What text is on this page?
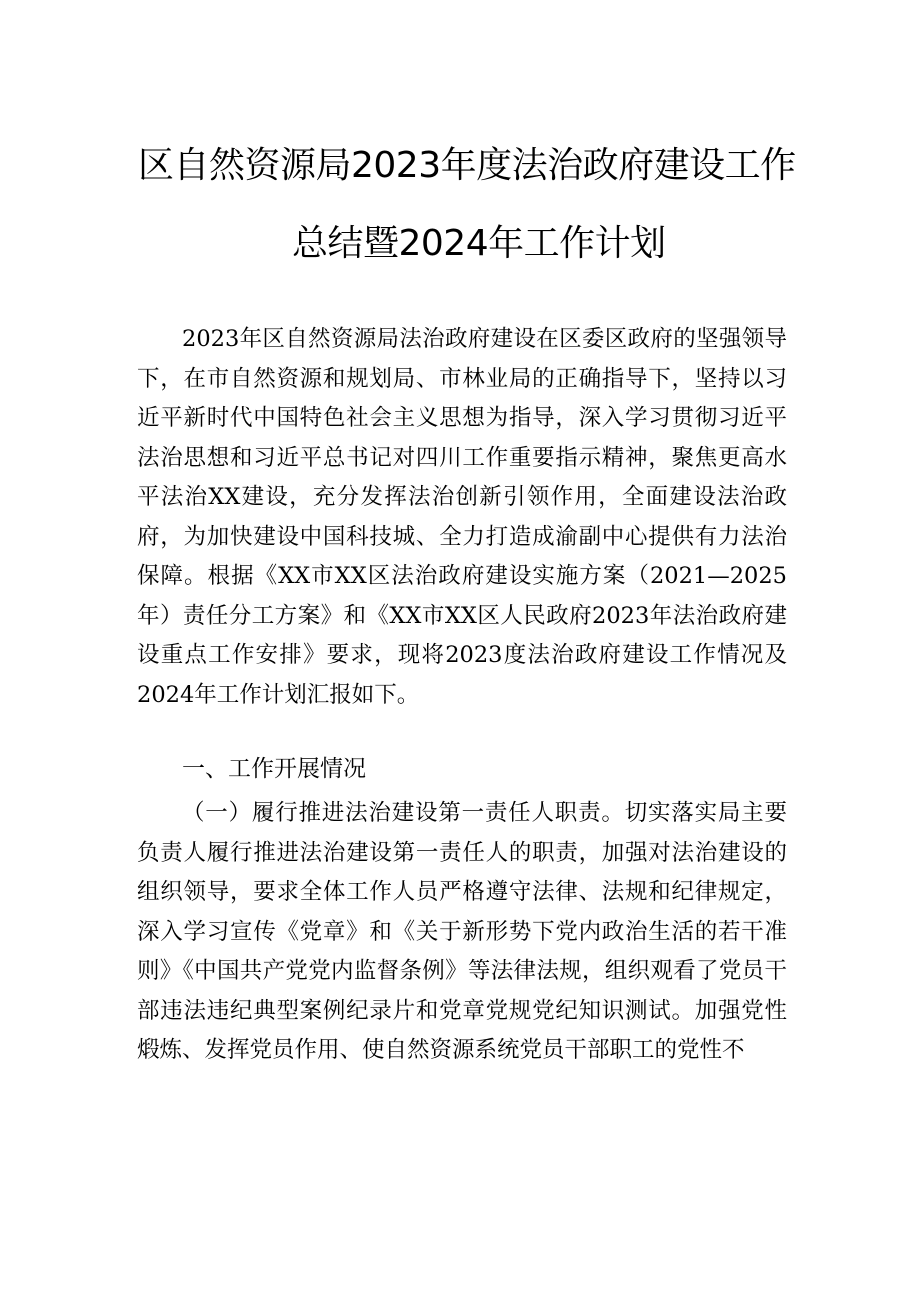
区自然资源局2023年度法治政府建设工作
总结暨2024年工作计划

2023年区自然资源局法治政府建设在区委区政府的坚强领导下，在市自然资源和规划局、市林业局的正确指导下，坚持以习近平新时代中国特色社会主义思想为指导，深入学习贯彻习近平法治思想和习近平总书记对四川工作重要指示精神，聚焦更高水平法治XX建设，充分发挥法治创新引领作用，全面建设法治政府，为加快建设中国科技城、全力打造成渝副中心提供有力法治保障。根据《XX市XX区法治政府建设实施方案（2021—2025年）责任分工方案》和《XX市XX区人民政府2023年法治政府建设重点工作安排》要求，现将2023度法治政府建设工作情况及2024年工作计划汇报如下。

一、工作开展情况

（一）履行推进法治建设第一责任人职责。切实落实局主要负责人履行推进法治建设第一责任人的职责，加强对法治建设的组织领导，要求全体工作人员严格遵守法律、法规和纪律规定，深入学习宣传《党章》和《关于新形势下党内政治生活的若干准则》《中国共产党党内监督条例》等法律法规，组织观看了党员干部违法违纪典型案例纪录片和党章党规党纪知识测试。加强党性煅炼、发挥党员作用、使自然资源系统党员干部职工的党性不
